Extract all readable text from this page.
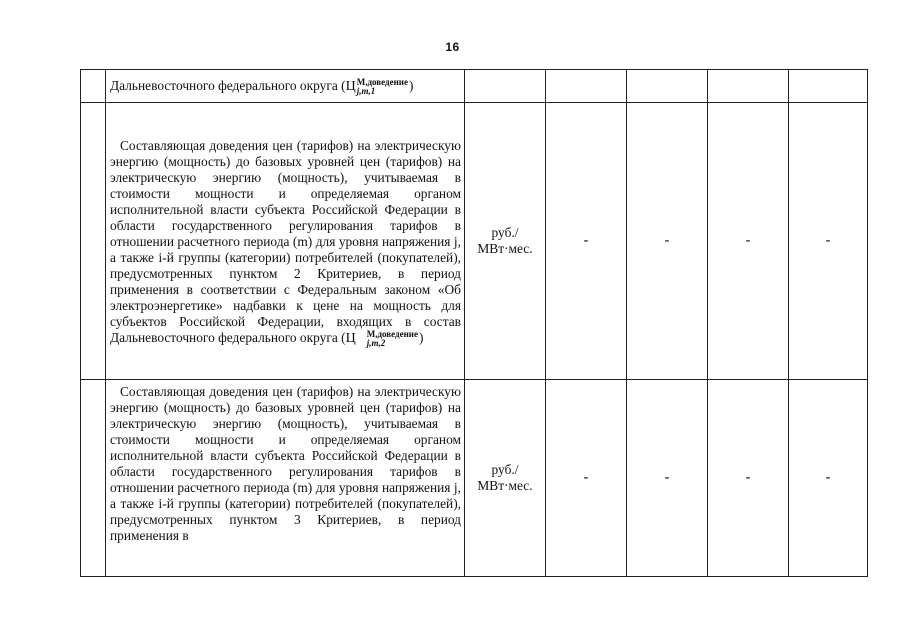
16

	Дальневосточного федерального округа (Ц М,доведение
j,m,1 )					

	Составляющая доведения цен (тарифов) на электрическую энергию (мощность) до базовых уровней цен (тарифов) на электрическую энергию (мощность), учитываемая в стоимости мощности и определяемая органом исполнительной власти субъекта Российской Федерации в области государственного регулирования тарифов в отношении расчетного периода (m) для уровня напряжения j, а также i-й группы (категории) потребителей (покупателей), предусмотренных пунктом 2 Критериев, в период применения в соответствии с Федеральным законом «Об электроэнергетике» надбавки к цене на мощность для субъектов Российской Федерации, входящих в состав Дальневосточного федерального округа (Ц М,доведение
j,m,2 )	руб./
МВт·мес.	-	-	-	-

	Составляющая доведения цен (тарифов) на электрическую энергию (мощность) до базовых уровней цен (тарифов) на электрическую энергию (мощность), учитываемая в стоимости мощности и определяемая органом исполнительной власти субъекта Российской Федерации в области государственного регулирования тарифов в отношении расчетного периода (m) для уровня напряжения j, а также i-й группы (категории) потребителей (покупателей), предусмотренных пунктом 3 Критериев, в период применения в	руб./
МВт·мес.	-	-	-	-
